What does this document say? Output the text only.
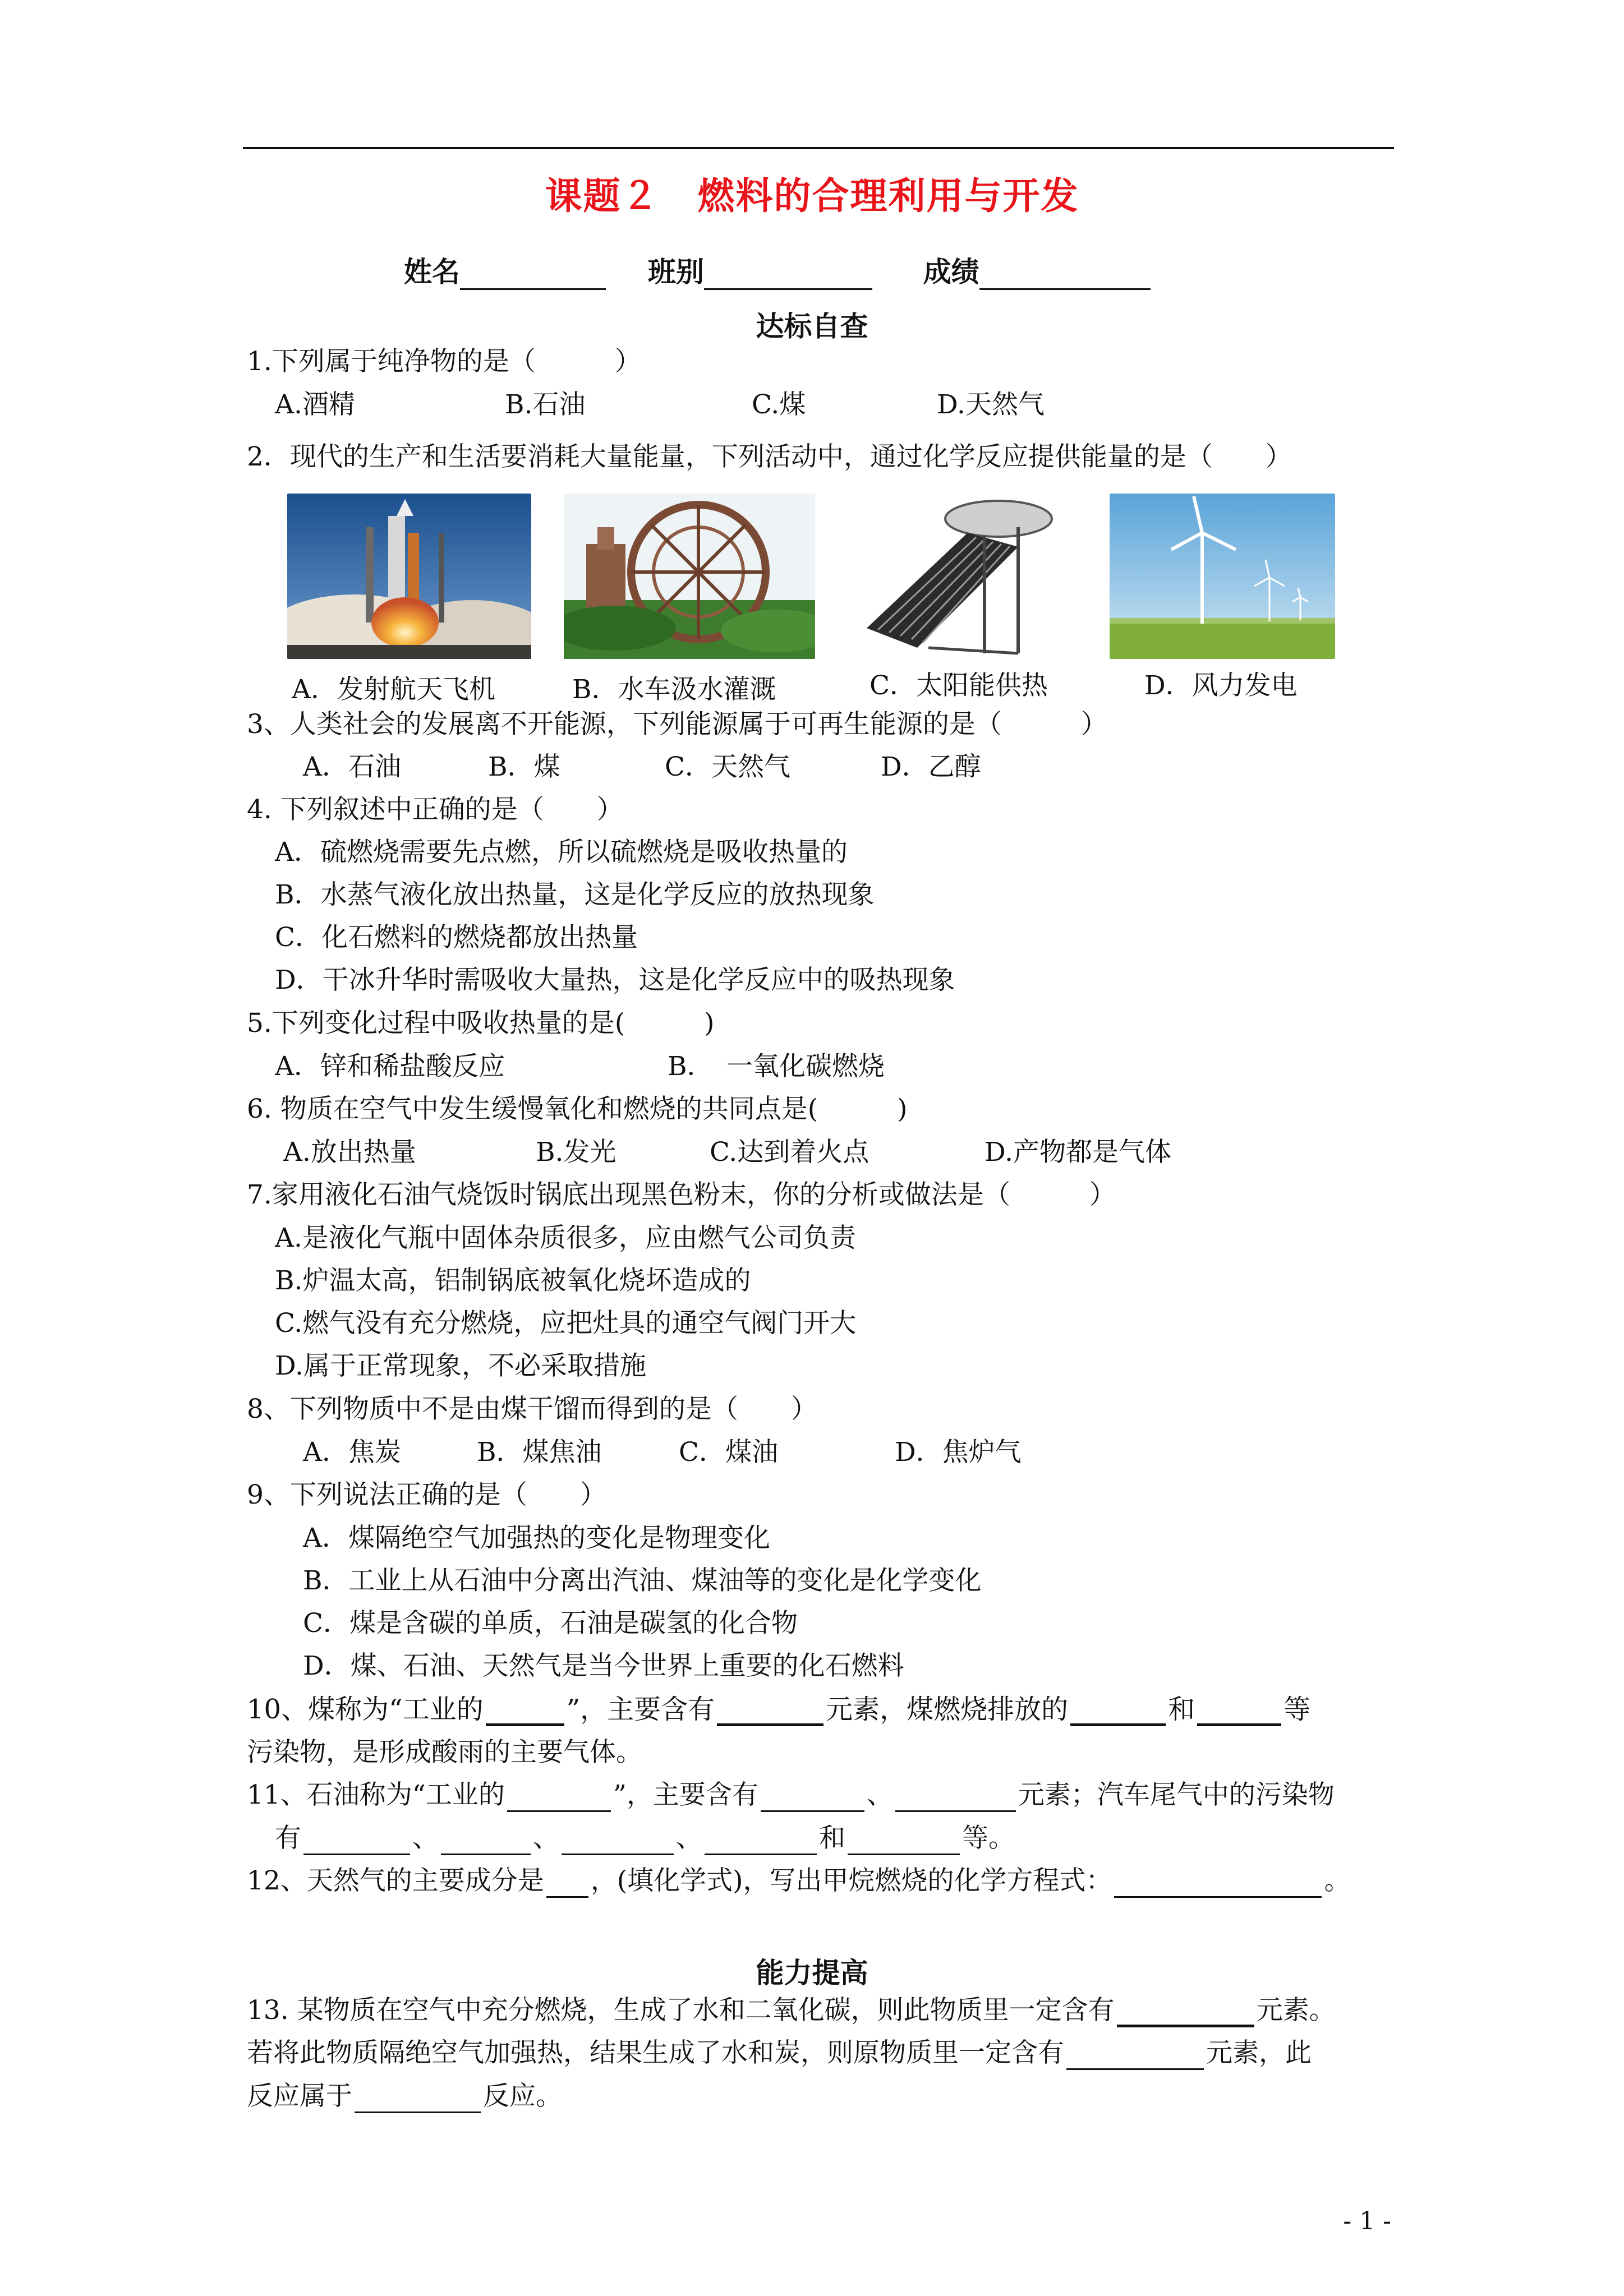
课题２　燃料的合理利用与开发
姓名	班别	成绩
达标自查
1.下列属于纯净物的是（　　　）
A.酒精	B.石油	C.煤	D.天然气
2．现代的生产和生活要消耗大量能量，下列活动中，通过化学反应提供能量的是（　　）
A．发射航天飞机	B．水车汲水灌溉	C．太阳能供热	D．风力发电
3、人类社会的发展离不开能源，下列能源属于可再生能源的是（　　　）
A．石油	B．煤	C．天然气	D．乙醇
4. 下列叙述中正确的是（　　）
A．硫燃烧需要先点燃，所以硫燃烧是吸收热量的
B．水蒸气液化放出热量，这是化学反应的放热现象
C．化石燃料的燃烧都放出热量
D．干冰升华时需吸收大量热，这是化学反应中的吸热现象
5.下列变化过程中吸收热量的是(　　　)
A．锌和稀盐酸反应	B．　一氧化碳燃烧
6. 物质在空气中发生缓慢氧化和燃烧的共同点是(　　　)
A.放出热量	B.发光	C.达到着火点	D.产物都是气体
7.家用液化石油气烧饭时锅底出现黑色粉末，你的分析或做法是（　　　）
A.是液化气瓶中固体杂质很多，应由燃气公司负责
B.炉温太高，铝制锅底被氧化烧坏造成的
C.燃气没有充分燃烧，应把灶具的通空气阀门开大
D.属于正常现象，不必采取措施
8、下列物质中不是由煤干馏而得到的是（　　）
A．焦炭	B．煤焦油	C．煤油	D．焦炉气
9、下列说法正确的是（　　）
A．煤隔绝空气加强热的变化是物理变化
B．工业上从石油中分离出汽油、煤油等的变化是化学变化
C．煤是含碳的单质，石油是碳氢的化合物
D．煤、石油、天然气是当今世界上重要的化石燃料
10、煤称为“工业的	”，主要含有	元素，煤燃烧排放的	和	等
污染物，是形成酸雨的主要气体。
11、石油称为“工业的	”，主要含有	、	元素；汽车尾气中的污染物
有	、	、	、	和	等。
12、天然气的主要成分是 ，(填化学式)，写出甲烷燃烧的化学方程式：	。
能力提高
13. 某物质在空气中充分燃烧，生成了水和二氧化碳，则此物质里一定含有	元素。
若将此物质隔绝空气加强热，结果生成了水和炭，则原物质里一定含有	元素，此
反应属于	反应。
- 1 -
